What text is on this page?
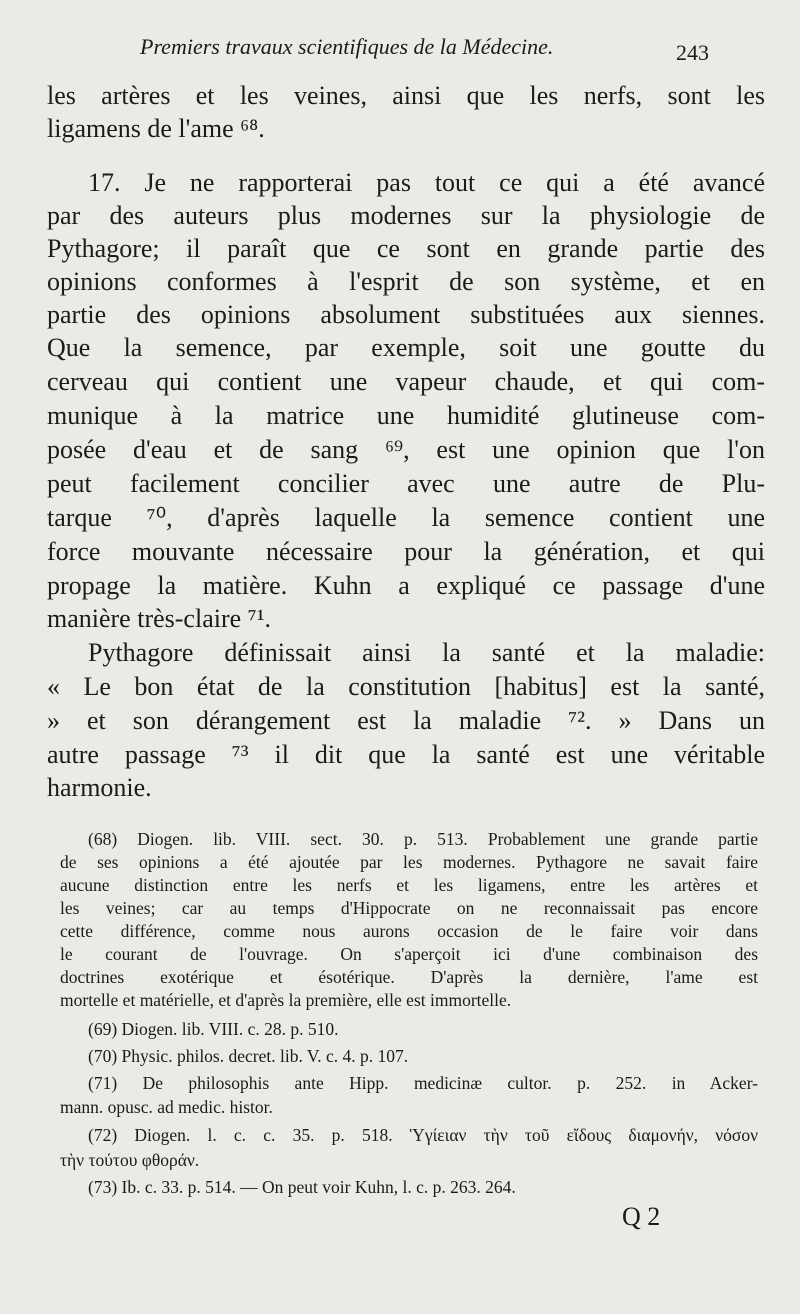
Premiers travaux scientifiques de la Médecine.	243
les artères et les veines, ainsi que les nerfs, sont les
ligamens de l'ame ⁶⁸.
17. Je ne rapporterai pas tout ce qui a été avancé
par des auteurs plus modernes sur la physiologie de
Pythagore; il paraît que ce sont en grande partie des
opinions conformes à l'esprit de son système, et en
partie des opinions absolument substituées aux siennes.
Que la semence, par exemple, soit une goutte du
cerveau qui contient une vapeur chaude, et qui com-
munique à la matrice une humidité glutineuse com-
posée d'eau et de sang ⁶⁹, est une opinion que l'on
peut facilement concilier avec une autre de Plu-
tarque ⁷⁰, d'après laquelle la semence contient une
force mouvante nécessaire pour la génération, et qui
propage la matière. Kuhn a expliqué ce passage d'une
manière très-claire ⁷¹.
Pythagore définissait ainsi la santé et la maladie:
« Le bon état de la constitution [habitus] est la santé,
» et son dérangement est la maladie ⁷². » Dans un
autre passage ⁷³ il dit que la santé est une véritable
harmonie.
(68) Diogen. lib. VIII. sect. 30. p. 513. Probablement une grande partie
de ses opinions a été ajoutée par les modernes. Pythagore ne savait faire
aucune distinction entre les nerfs et les ligamens, entre les artères et
les veines; car au temps d'Hippocrate on ne reconnaissait pas encore
cette différence, comme nous aurons occasion de le faire voir dans
le courant de l'ouvrage. On s'aperçoit ici d'une combinaison des
doctrines exotérique et ésotérique. D'après la dernière, l'ame est
mortelle et matérielle, et d'après la première, elle est immortelle.
(69) Diogen. lib. VIII. c. 28. p. 510.
(70) Physic. philos. decret. lib. V. c. 4. p. 107.
(71) De philosophis ante Hipp. medicinæ cultor. p. 252. in Acker-
mann. opusc. ad medic. histor.
(72) Diogen. l. c. c. 35. p. 518. Ὑγίειαν τὴν τοῦ εἴδους διαμονήν, νόσον
τὴν τούτου φθοράν.
(73) Ib. c. 33. p. 514. — On peut voir Kuhn, l. c. p. 263. 264.
Q 2
